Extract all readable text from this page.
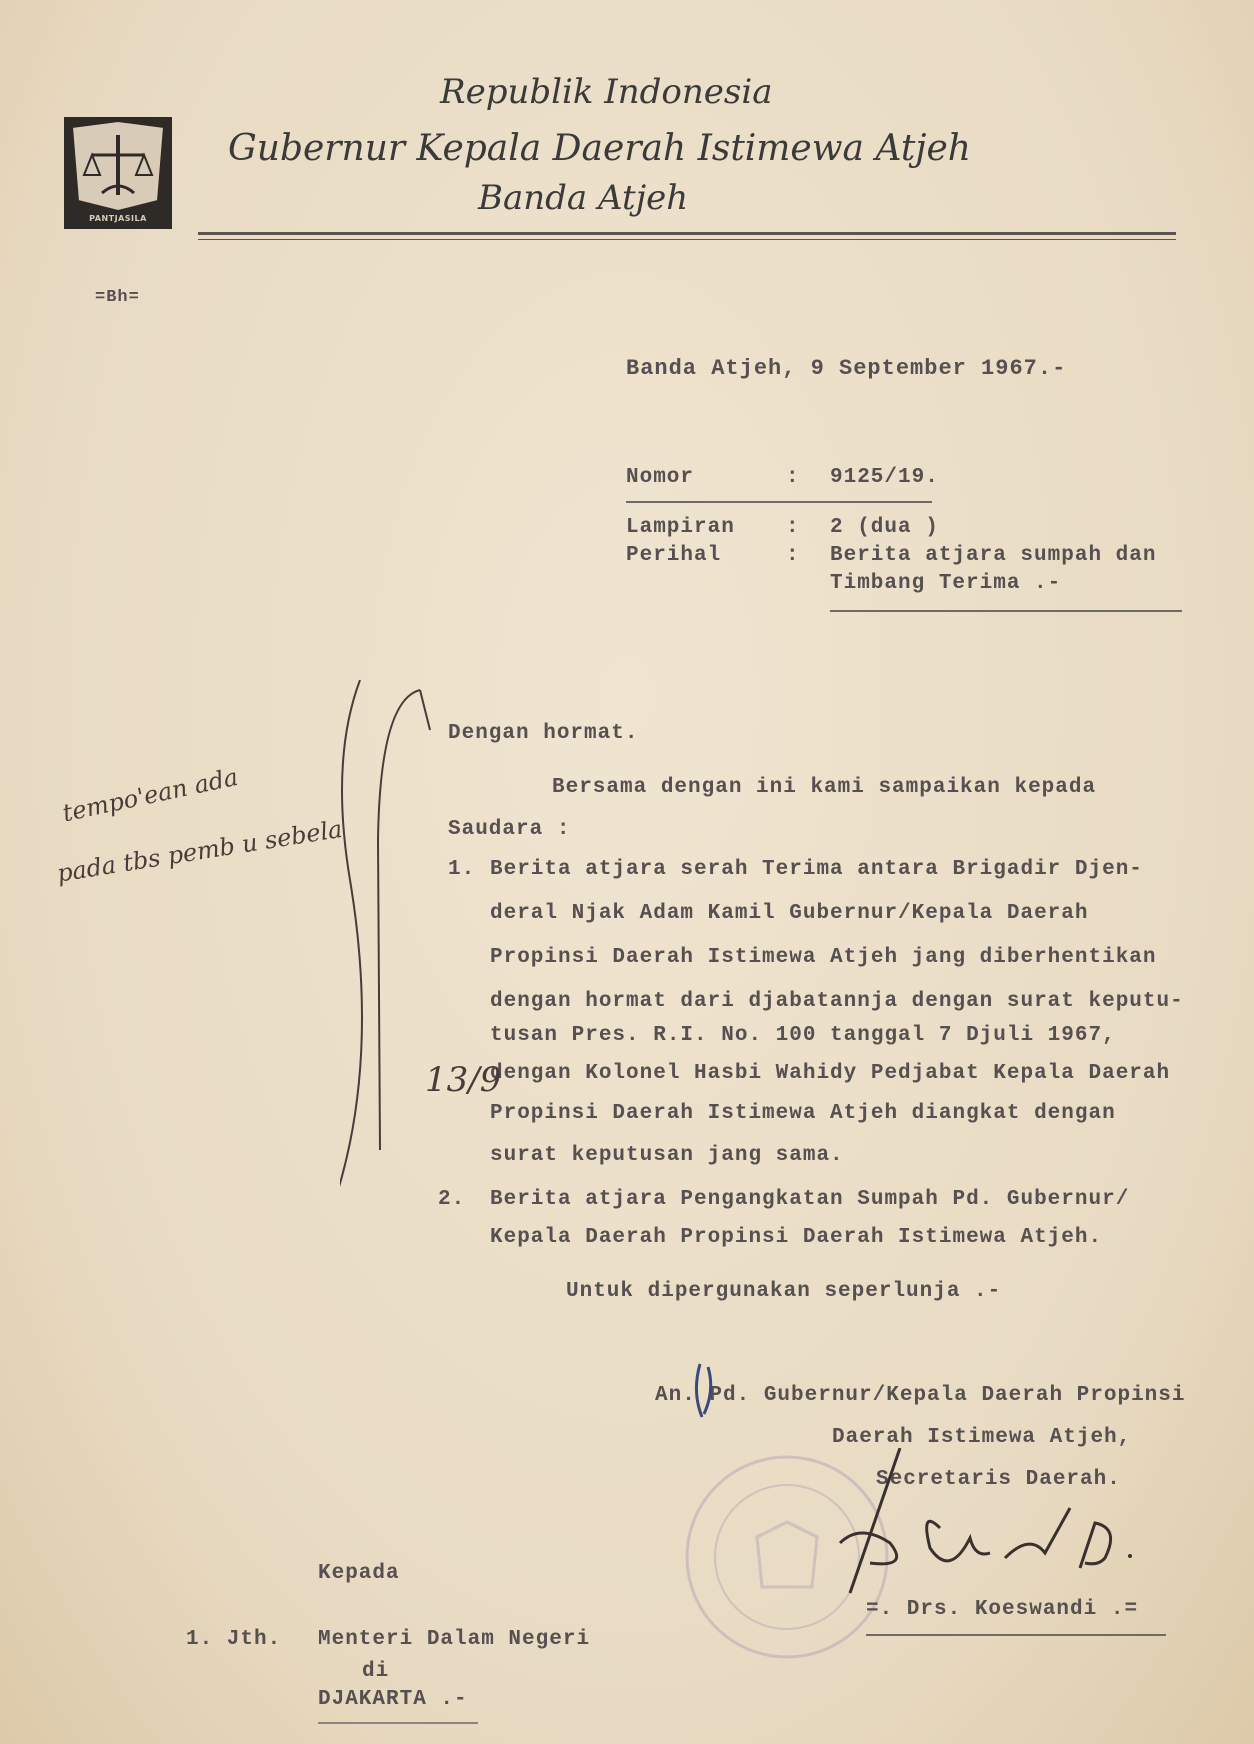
PANTJASILA
Republik Indonesia
Gubernur Kepala Daerah Istimewa Atjeh
Banda Atjeh
=Bh=
Banda Atjeh, 9 September 1967.-
Nomor	: 9125/19.
Lampiran : 2 (dua )
Perihal	: Berita atjara sumpah dan
Timbang Terima .-
Dengan hormat.
Bersama dengan ini kami sampaikan kepada
Saudara :
1. Berita atjara serah Terima antara Brigadir Djen-
deral Njak Adam Kamil Gubernur/Kepala Daerah
Propinsi Daerah Istimewa Atjeh jang diberhentikan
dengan hormat dari djabatannja dengan surat keputu-
tusan Pres. R.I. No. 100 tanggal 7 Djuli 1967,
dengan Kolonel Hasbi Wahidy Pedjabat Kepala Daerah
Propinsi Daerah Istimewa Atjeh diangkat dengan
surat keputusan jang sama.
2. Berita atjara Pengangkatan Sumpah Pd. Gubernur/
Kepala Daerah Propinsi Daerah Istimewa Atjeh.
Untuk dipergunakan seperlunja .-
An. Pd. Gubernur/Kepala Daerah Propinsi
Daerah Istimewa Atjeh,
Secretaris Daerah.
=. Drs. Koeswandi .=
Kepada
1. Jth. Menteri Dalam Negeri
di
DJAKARTA .-
tempo'ean ada
pada tbs pemb u sebela
13/9
